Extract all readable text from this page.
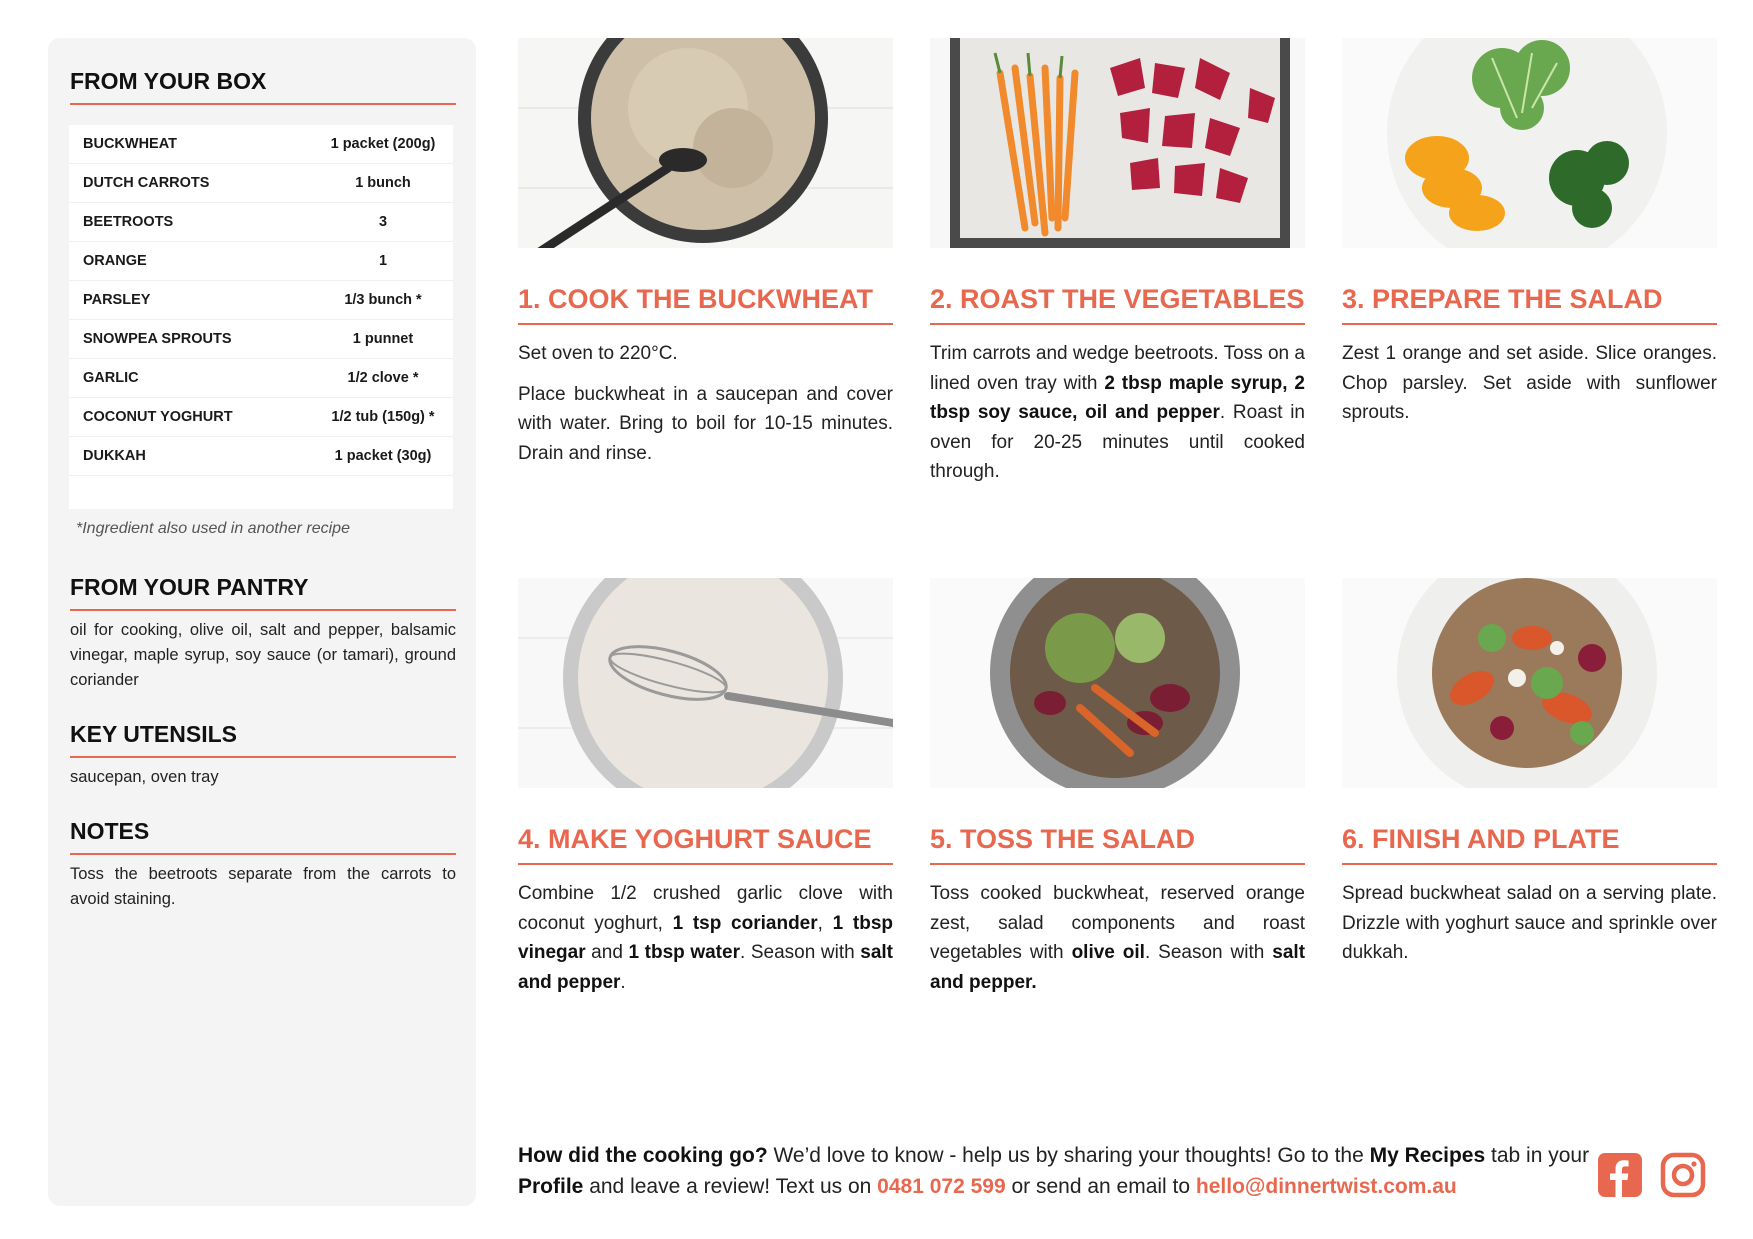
FROM YOUR BOX
BUCKWHEAT	1 packet (200g)
DUTCH CARROTS	1 bunch
BEETROOTS	3
ORANGE	1
PARSLEY	1/3 bunch *
SNOWPEA SPROUTS	1 punnet
GARLIC	1/2 clove *
COCONUT YOGHURT	1/2 tub (150g) *
DUKKAH	1 packet (30g)
*Ingredient also used in another recipe
FROM YOUR PANTRY

oil for cooking, olive oil, salt and pepper, balsamic vinegar, maple syrup, soy sauce (or tamari), ground coriander

KEY UTENSILS

saucepan, oven tray

NOTES

Toss the beetroots separate from the carrots to avoid staining.

1. COOK THE BUCKWHEAT

Set oven to 220°C.

Place buckwheat in a saucepan and cover with water. Bring to boil for 10-15 minutes. Drain and rinse.

2. ROAST THE VEGETABLES

Trim carrots and wedge beetroots. Toss on a lined oven tray with 2 tbsp maple syrup, 2 tbsp soy sauce, oil and pepper. Roast in oven for 20-25 minutes until cooked through.

3. PREPARE THE SALAD

Zest 1 orange and set aside. Slice oranges. Chop parsley. Set aside with sunflower sprouts.

4. MAKE YOGHURT SAUCE

Combine 1/2 crushed garlic clove with coconut yoghurt, 1 tsp coriander, 1 tbsp vinegar and 1 tbsp water. Season with salt and pepper.

5. TOSS THE SALAD

Toss cooked buckwheat, reserved orange zest, salad components and roast vegetables with olive oil. Season with salt and pepper.

6. FINISH AND PLATE

Spread buckwheat salad on a serving plate. Drizzle with yoghurt sauce and sprinkle over dukkah.

How did the cooking go? We’d love to know - help us by sharing your thoughts! Go to the My Recipes tab in your Profile and leave a review! Text us on 0481 072 599 or send an email to hello@dinnertwist.com.au
